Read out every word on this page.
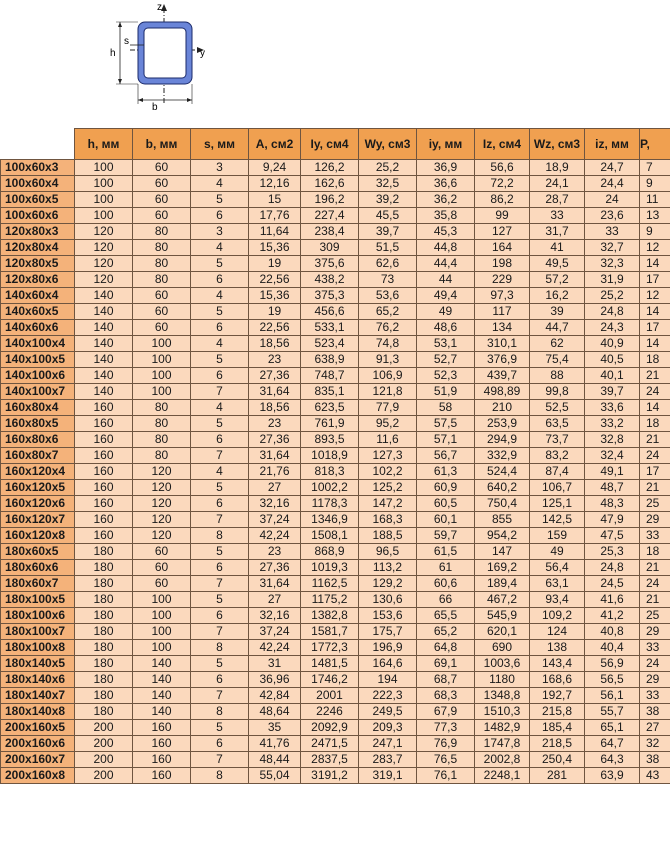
z
y
s
h
b
	h, мм	b, мм	s, мм	A, см2	Iy, см4	Wy, см3	iy, мм	Iz, см4	Wz, см3	iz, мм	P,
100x60x3	100	60	3	9,24	126,2	25,2	36,9	56,6	18,9	24,7	7
100x60x4	100	60	4	12,16	162,6	32,5	36,6	72,2	24,1	24,4	9
100x60x5	100	60	5	15	196,2	39,2	36,2	86,2	28,7	24	11
100x60x6	100	60	6	17,76	227,4	45,5	35,8	99	33	23,6	13
120x80x3	120	80	3	11,64	238,4	39,7	45,3	127	31,7	33	9
120x80x4	120	80	4	15,36	309	51,5	44,8	164	41	32,7	12
120x80x5	120	80	5	19	375,6	62,6	44,4	198	49,5	32,3	14
120x80x6	120	80	6	22,56	438,2	73	44	229	57,2	31,9	17
140x60x4	140	60	4	15,36	375,3	53,6	49,4	97,3	16,2	25,2	12
140x60x5	140	60	5	19	456,6	65,2	49	117	39	24,8	14
140x60x6	140	60	6	22,56	533,1	76,2	48,6	134	44,7	24,3	17
140x100x4	140	100	4	18,56	523,4	74,8	53,1	310,1	62	40,9	14
140x100x5	140	100	5	23	638,9	91,3	52,7	376,9	75,4	40,5	18
140x100x6	140	100	6	27,36	748,7	106,9	52,3	439,7	88	40,1	21
140x100x7	140	100	7	31,64	835,1	121,8	51,9	498,89	99,8	39,7	24
160x80x4	160	80	4	18,56	623,5	77,9	58	210	52,5	33,6	14
160x80x5	160	80	5	23	761,9	95,2	57,5	253,9	63,5	33,2	18
160x80x6	160	80	6	27,36	893,5	11,6	57,1	294,9	73,7	32,8	21
160x80x7	160	80	7	31,64	1018,9	127,3	56,7	332,9	83,2	32,4	24
160x120x4	160	120	4	21,76	818,3	102,2	61,3	524,4	87,4	49,1	17
160x120x5	160	120	5	27	1002,2	125,2	60,9	640,2	106,7	48,7	21
160x120x6	160	120	6	32,16	1178,3	147,2	60,5	750,4	125,1	48,3	25
160x120x7	160	120	7	37,24	1346,9	168,3	60,1	855	142,5	47,9	29
160x120x8	160	120	8	42,24	1508,1	188,5	59,7	954,2	159	47,5	33
180x60x5	180	60	5	23	868,9	96,5	61,5	147	49	25,3	18
180x60x6	180	60	6	27,36	1019,3	113,2	61	169,2	56,4	24,8	21
180x60x7	180	60	7	31,64	1162,5	129,2	60,6	189,4	63,1	24,5	24
180x100x5	180	100	5	27	1175,2	130,6	66	467,2	93,4	41,6	21
180x100x6	180	100	6	32,16	1382,8	153,6	65,5	545,9	109,2	41,2	25
180x100x7	180	100	7	37,24	1581,7	175,7	65,2	620,1	124	40,8	29
180x100x8	180	100	8	42,24	1772,3	196,9	64,8	690	138	40,4	33
180x140x5	180	140	5	31	1481,5	164,6	69,1	1003,6	143,4	56,9	24
180x140x6	180	140	6	36,96	1746,2	194	68,7	1180	168,6	56,5	29
180x140x7	180	140	7	42,84	2001	222,3	68,3	1348,8	192,7	56,1	33
180x140x8	180	140	8	48,64	2246	249,5	67,9	1510,3	215,8	55,7	38
200x160x5	200	160	5	35	2092,9	209,3	77,3	1482,9	185,4	65,1	27
200x160x6	200	160	6	41,76	2471,5	247,1	76,9	1747,8	218,5	64,7	32
200x160x7	200	160	7	48,44	2837,5	283,7	76,5	2002,8	250,4	64,3	38
200x160x8	200	160	8	55,04	3191,2	319,1	76,1	2248,1	281	63,9	43
